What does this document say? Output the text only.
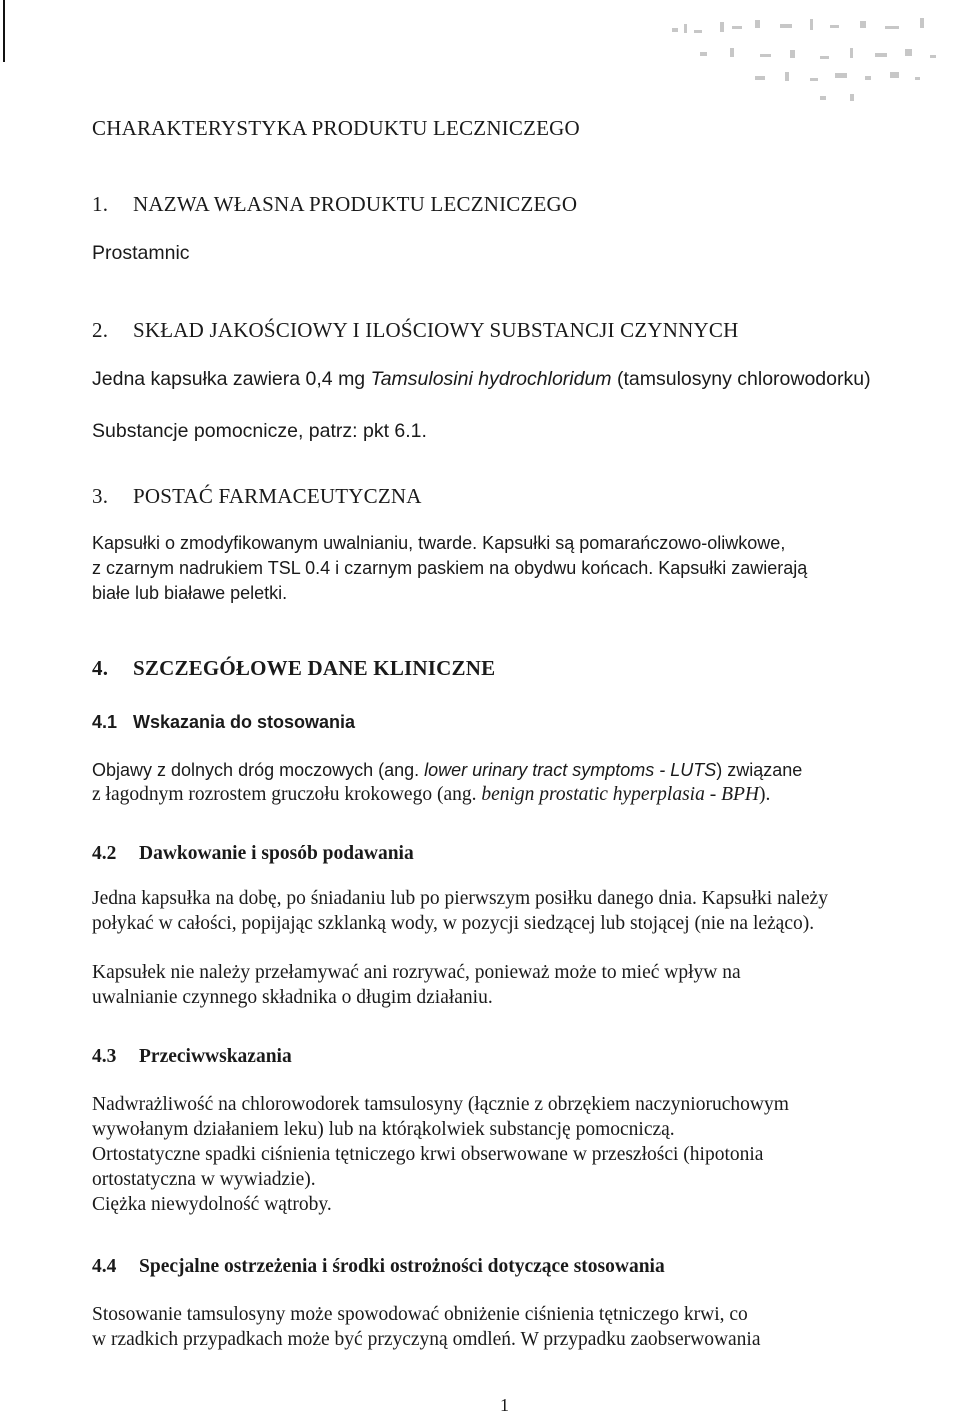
CHARAKTERYSTYKA PRODUKTU LECZNICZEGO
1. NAZWA WŁASNA PRODUKTU LECZNICZEGO
Prostamnic
2. SKŁAD JAKOŚCIOWY I ILOŚCIOWY SUBSTANCJI CZYNNYCH
Jedna kapsułka zawiera 0,4 mg Tamsulosini hydrochloridum (tamsulosyny chlorowodorku)
Substancje pomocnicze, patrz: pkt 6.1.
3. POSTAĆ FARMACEUTYCZNA
Kapsułki o zmodyfikowanym uwalnianiu, twarde. Kapsułki są pomarańczowo-oliwkowe,
z czarnym nadrukiem TSL 0.4 i czarnym paskiem na obydwu końcach. Kapsułki zawierają
białe lub białawe peletki.
4. SZCZEGÓŁOWE DANE KLINICZNE
4.1 Wskazania do stosowania
Objawy z dolnych dróg moczowych (ang. lower urinary tract symptoms - LUTS) związane
z łagodnym rozrostem gruczołu krokowego (ang. benign prostatic hyperplasia - BPH).
4.2 Dawkowanie i sposób podawania
Jedna kapsułka na dobę, po śniadaniu lub po pierwszym posiłku danego dnia. Kapsułki należy
połykać w całości, popijając szklanką wody, w pozycji siedzącej lub stojącej (nie na leżąco).
Kapsułek nie należy przełamywać ani rozrywać, ponieważ może to mieć wpływ na
uwalnianie czynnego składnika o długim działaniu.
4.3 Przeciwwskazania
Nadwrażliwość na chlorowodorek tamsulosyny (łącznie z obrzękiem naczynioruchowym
wywołanym działaniem leku) lub na którąkolwiek substancję pomocniczą.
Ortostatyczne spadki ciśnienia tętniczego krwi obserwowane w przeszłości (hipotonia
ortostatyczna w wywiadzie).
Ciężka niewydolność wątroby.
4.4 Specjalne ostrzeżenia i środki ostrożności dotyczące stosowania
Stosowanie tamsulosyny może spowodować obniżenie ciśnienia tętniczego krwi, co
w rzadkich przypadkach może być przyczyną omdleń. W przypadku zaobserwowania
1
